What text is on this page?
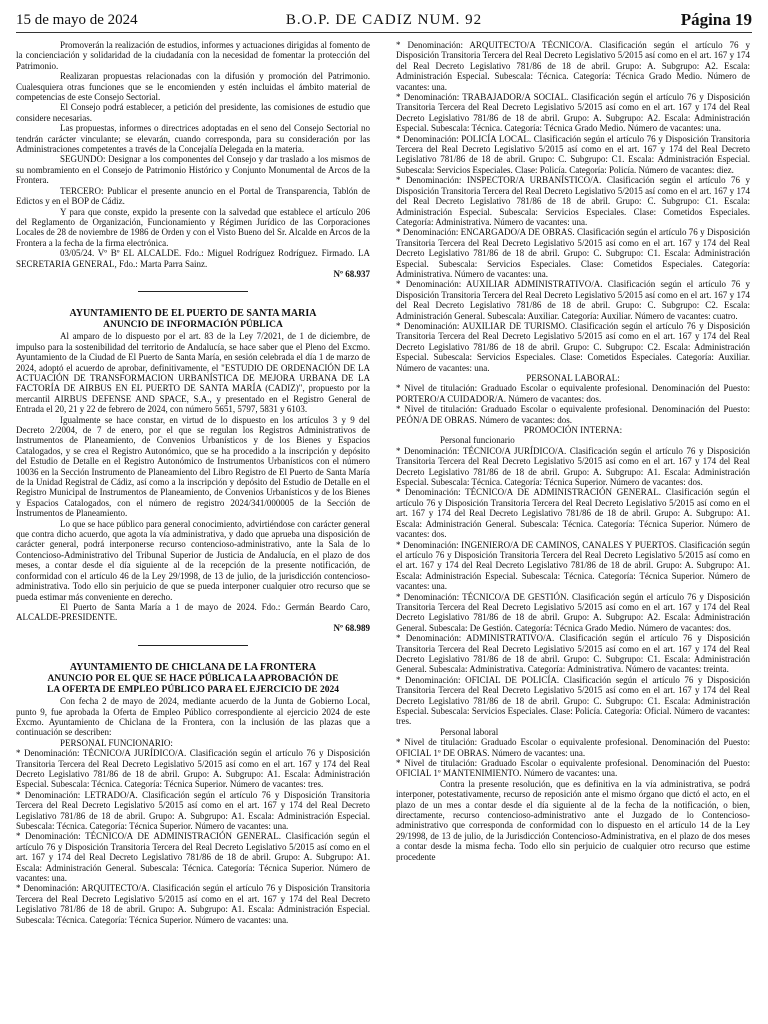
15 de mayo de 2024	B.O.P. DE CADIZ NUM. 92	Página 19

Promoverán la realización de estudios, informes y actuaciones dirigidas al fomento de la concienciación y solidaridad de la ciudadanía con la necesidad de fomentar la protección del Patrimonio.

Realizaran propuestas relacionadas con la difusión y promoción del Patrimonio. Cualesquiera otras funciones que se le encomienden y estén incluidas el ámbito material de competencias de este Consejo Sectorial.

El Consejo podrá establecer, a petición del presidente, las comisiones de estudio que considere necesarias.

Las propuestas, informes o directrices adoptadas en el seno del Consejo Sectorial no tendrán carácter vinculante; se elevarán, cuando corresponda, para su consideración por las Administraciones competentes a través de la Concejalía Delegada en la materia.

SEGUNDO: Designar a los componentes del Consejo y dar traslado a los mismos de su nombramiento en el Consejo de Patrimonio Histórico y Conjunto Monumental de Arcos de la Frontera.

TERCERO: Publicar el presente anuncio en el Portal de Transparencia, Tablón de Edictos y en el BOP de Cádiz.

Y para que conste, expido la presente con la salvedad que establece el artículo 206 del Reglamento de Organización, Funcionamiento y Régimen Jurídico de las Corporaciones Locales de 28 de noviembre de 1986 de Orden y con el Visto Bueno del Sr. Alcalde en Arcos de la Frontera a la fecha de la firma electrónica.

03/05/24. Vº Bº EL ALCALDE. Fdo.: Miguel Rodríguez Rodríguez. Firmado. LA SECRETARIA GENERAL, Fdo.: Marta Parra Sainz.

Nº 68.937

AYUNTAMIENTO DE EL PUERTO DE SANTA MARIA

ANUNCIO DE INFORMACIÓN PÚBLICA

Al amparo de lo dispuesto por el art. 83 de la Ley 7/2021, de 1 de diciembre, de impulso para la sostenibilidad del territorio de Andalucía, se hace saber que el Pleno del Excmo. Ayuntamiento de la Ciudad de El Puerto de Santa María, en sesión celebrada el día 1 de marzo de 2024, adoptó el acuerdo de aprobar, definitivamente, el "ESTUDIO DE ORDENACIÓN DE LA ACTUACIÓN DE TRANSFORMACION URBANÍSTICA DE MEJORA URBANA DE LA FACTORÍA DE AIRBUS EN EL PUERTO DE SANTA MARÍA (CADIZ)", propuesto por la mercantil AIRBUS DEFENSE AND SPACE, S.A., y presentado en el Registro General de Entrada el 20, 21 y 22 de febrero de 2024, con número 5651, 5797, 5831 y 6103.

Igualmente se hace constar, en virtud de lo dispuesto en los artículos 3 y 9 del Decreto 2/2004, de 7 de enero, por el que se regulan los Registros Administrativos de Instrumentos de Planeamiento, de Convenios Urbanísticos y de los Bienes y Espacios Catalogados, y se crea el Registro Autonómico, que se ha procedido a la inscripción y depósito del Estudio de Detalle en el Registro Autonómico de Instrumentos Urbanísticos con el número 10036 en la Sección Instrumento de Planeamiento del Libro Registro de El Puerto de Santa María de la Unidad Registral de Cádiz, así como a la inscripción y depósito del Estudio de Detalle en el Registro Municipal de Instrumentos de Planeamiento, de Convenios Urbanísticos y de los Bienes y Espacios Catalogados, con el número de registro 2024/341/000005 de la Sección de Instrumentos de Planeamiento.

Lo que se hace público para general conocimiento, advirtiéndose con carácter general que contra dicho acuerdo, que agota la vía administrativa, y dado que aprueba una disposición de carácter general, podrá interponerse recurso contencioso-administrativo, ante la Sala de lo Contencioso-Administrativo del Tribunal Superior de Justicia de Andalucía, en el plazo de dos meses, a contar desde el día siguiente al de la recepción de la presente notificación, de conformidad con el artículo 46 de la Ley 29/1998, de 13 de julio, de la jurisdicción contencioso-administrativa. Todo ello sin perjuicio de que se pueda interponer cualquier otro recurso que se pueda estimar más conveniente en derecho.

El Puerto de Santa María a 1 de mayo de 2024. Fdo.: Germán Beardo Caro, ALCALDE-PRESIDENTE.

Nº 68.989

AYUNTAMIENTO DE CHICLANA DE LA FRONTERA

ANUNCIO POR EL QUE SE HACE PÚBLICA LA APROBACIÓN DE

LA OFERTA DE EMPLEO PÚBLICO PARA EL EJERCICIO DE 2024

Con fecha 2 de mayo de 2024, mediante acuerdo de la Junta de Gobierno Local, punto 9, fue aprobada la Oferta de Empleo Público correspondiente al ejercicio 2024 de este Excmo. Ayuntamiento de Chiclana de la Frontera, con la inclusión de las plazas que a continuación se describen:

PERSONAL FUNCIONARIO:

* Denominación: TÉCNICO/A JURÍDICO/A. Clasificación según el artículo 76 y Disposición Transitoria Tercera del Real Decreto Legislativo 5/2015 así como en el art. 167 y 174 del Real Decreto Legislativo 781/86 de 18 de abril. Grupo: A. Subgrupo: A1. Escala: Administración Especial. Subescala: Técnica. Categoría: Técnica Superior. Número de vacantes: tres.

* Denominación: LETRADO/A. Clasificación según el artículo 76 y Disposición Transitoria Tercera del Real Decreto Legislativo 5/2015 así como en el art. 167 y 174 del Real Decreto Legislativo 781/86 de 18 de abril. Grupo: A. Subgrupo: A1. Escala: Administración Especial. Subescala: Técnica. Categoría: Técnica Superior. Número de vacantes: una.

* Denominación: TÉCNICO/A DE ADMINISTRACIÓN GENERAL. Clasificación según el artículo 76 y Disposición Transitoria Tercera del Real Decreto Legislativo 5/2015 así como en el art. 167 y 174 del Real Decreto Legislativo 781/86 de 18 de abril. Grupo: A. Subgrupo: A1. Escala: Administración General. Subescala: Técnica. Categoría: Técnica Superior. Número de vacantes: una.

* Denominación: ARQUITECTO/A. Clasificación según el artículo 76 y Disposición Transitoria Tercera del Real Decreto Legislativo 5/2015 así como en el art. 167 y 174 del Real Decreto Legislativo 781/86 de 18 de abril. Grupo: A. Subgrupo: A1. Escala: Administración Especial. Subescala: Técnica. Categoría: Técnica Superior. Número de vacantes: una.

* Denominación: ARQUITECTO/A TÉCNICO/A. Clasificación según el artículo 76 y Disposición Transitoria Tercera del Real Decreto Legislativo 5/2015 así como en el art. 167 y 174 del Real Decreto Legislativo 781/86 de 18 de abril. Grupo: A. Subgrupo: A2. Escala: Administración Especial. Subescala: Técnica. Categoría: Técnica Grado Medio. Número de vacantes: una.

* Denominación: TRABAJADOR/A SOCIAL. Clasificación según el artículo 76 y Disposición Transitoria Tercera del Real Decreto Legislativo 5/2015 así como en el art. 167 y 174 del Real Decreto Legislativo 781/86 de 18 de abril. Grupo: A. Subgrupo: A2. Escala: Administración Especial. Subescala: Técnica. Categoría: Técnica Grado Medio. Número de vacantes: una.

* Denominación: POLICÍA LOCAL. Clasificación según el artículo 76 y Disposición Transitoria Tercera del Real Decreto Legislativo 5/2015 así como en el art. 167 y 174 del Real Decreto Legislativo 781/86 de 18 de abril. Grupo: C. Subgrupo: C1. Escala: Administración Especial. Subescala: Servicios Especiales. Clase: Policía. Categoría: Policía. Número de vacantes: diez.

* Denominación: INSPECTOR/A URBANÍSTICO/A. Clasificación según el artículo 76 y Disposición Transitoria Tercera del Real Decreto Legislativo 5/2015 así como en el art. 167 y 174 del Real Decreto Legislativo 781/86 de 18 de abril. Grupo: C. Subgrupo: C1. Escala: Administración Especial. Subescala: Servicios Especiales. Clase: Cometidos Especiales. Categoría: Administrativa. Número de vacantes: una.

* Denominación: ENCARGADO/A DE OBRAS. Clasificación según el artículo 76 y Disposición Transitoria Tercera del Real Decreto Legislativo 5/2015 así como en el art. 167 y 174 del Real Decreto Legislativo 781/86 de 18 de abril. Grupo: C. Subgrupo: C1. Escala: Administración Especial. Subescala: Servicios Especiales. Clase: Cometidos Especiales. Categoría: Administrativa. Número de vacantes: una.

* Denominación: AUXILIAR ADMINISTRATIVO/A. Clasificación según el artículo 76 y Disposición Transitoria Tercera del Real Decreto Legislativo 5/2015 así como en el art. 167 y 174 del Real Decreto Legislativo 781/86 de 18 de abril. Grupo: C. Subgrupo: C2. Escala: Administración General. Subescala: Auxiliar. Categoría: Auxiliar. Número de vacantes: cuatro.

* Denominación: AUXILIAR DE TURISMO. Clasificación según el artículo 76 y Disposición Transitoria Tercera del Real Decreto Legislativo 5/2015 así como en el art. 167 y 174 del Real Decreto Legislativo 781/86 de 18 de abril. Grupo: C. Subgrupo: C2. Escala: Administración Especial. Subescala: Servicios Especiales. Clase: Cometidos Especiales. Categoría: Auxiliar. Número de vacantes: una.

PERSONAL LABORAL:

* Nivel de titulación: Graduado Escolar o equivalente profesional. Denominación del Puesto: PORTERO/A CUIDADOR/A. Número de vacantes: dos.

* Nivel de titulación: Graduado Escolar o equivalente profesional. Denominación del Puesto: PEÓN/A DE OBRAS. Número de vacantes: dos.

PROMOCIÓN INTERNA:

Personal funcionario

* Denominación: TÉCNICO/A JURÍDICO/A. Clasificación según el artículo 76 y Disposición Transitoria Tercera del Real Decreto Legislativo 5/2015 así como en el art. 167 y 174 del Real Decreto Legislativo 781/86 de 18 de abril. Grupo: A. Subgrupo: A1. Escala: Administración Especial. Subescala: Técnica. Categoría: Técnica Superior. Número de vacantes: dos.

* Denominación: TÉCNICO/A DE ADMINISTRACIÓN GENERAL. Clasificación según el artículo 76 y Disposición Transitoria Tercera del Real Decreto Legislativo 5/2015 así como en el art. 167 y 174 del Real Decreto Legislativo 781/86 de 18 de abril. Grupo: A. Subgrupo: A1. Escala: Administración General. Subescala: Técnica. Categoría: Técnica Superior. Número de vacantes: dos.

* Denominación: INGENIERO/A DE CAMINOS, CANALES Y PUERTOS. Clasificación según el artículo 76 y Disposición Transitoria Tercera del Real Decreto Legislativo 5/2015 así como en el art. 167 y 174 del Real Decreto Legislativo 781/86 de 18 de abril. Grupo: A. Subgrupo: A1. Escala: Administración Especial. Subescala: Técnica. Categoría: Técnica Superior. Número de vacantes: una.

* Denominación: TÉCNICO/A DE GESTIÓN. Clasificación según el artículo 76 y Disposición Transitoria Tercera del Real Decreto Legislativo 5/2015 así como en el art. 167 y 174 del Real Decreto Legislativo 781/86 de 18 de abril. Grupo: A. Subgrupo: A2. Escala: Administración General. Subescala: De Gestión. Categoría: Técnica Grado Medio. Número de vacantes: dos.

* Denominación: ADMINISTRATIVO/A. Clasificación según el artículo 76 y Disposición Transitoria Tercera del Real Decreto Legislativo 5/2015 así como en el art. 167 y 174 del Real Decreto Legislativo 781/86 de 18 de abril. Grupo: C. Subgrupo: C1. Escala: Administración General. Subescala: Administrativa. Categoría: Administrativa. Número de vacantes: treinta.

* Denominación: OFICIAL DE POLICÍA. Clasificación según el artículo 76 y Disposición Transitoria Tercera del Real Decreto Legislativo 5/2015 así como en el art. 167 y 174 del Real Decreto Legislativo 781/86 de 18 de abril. Grupo: C. Subgrupo: C1. Escala: Administración Especial. Subescala: Servicios Especiales. Clase: Policía. Categoría: Oficial. Número de vacantes: tres.

Personal laboral

* Nivel de titulación: Graduado Escolar o equivalente profesional. Denominación del Puesto: OFICIAL 1º DE OBRAS. Número de vacantes: una.

* Nivel de titulación: Graduado Escolar o equivalente profesional. Denominación del Puesto: OFICIAL 1º MANTENIMIENTO. Número de vacantes: una.

Contra la presente resolución, que es definitiva en la vía administrativa, se podrá interponer, potestativamente, recurso de reposición ante el mismo órgano que dictó el acto, en el plazo de un mes a contar desde el día siguiente al de la fecha de la notificación, o bien, directamente, recurso contencioso-administrativo ante el Juzgado de lo Contencioso-administrativo que corresponda de conformidad con lo dispuesto en el artículo 14 de la Ley 29/1998, de 13 de julio, de la Jurisdicción Contencioso-Administrativa, en el plazo de dos meses a contar desde la misma fecha. Todo ello sin perjuicio de cualquier otro recurso que estime procedente
